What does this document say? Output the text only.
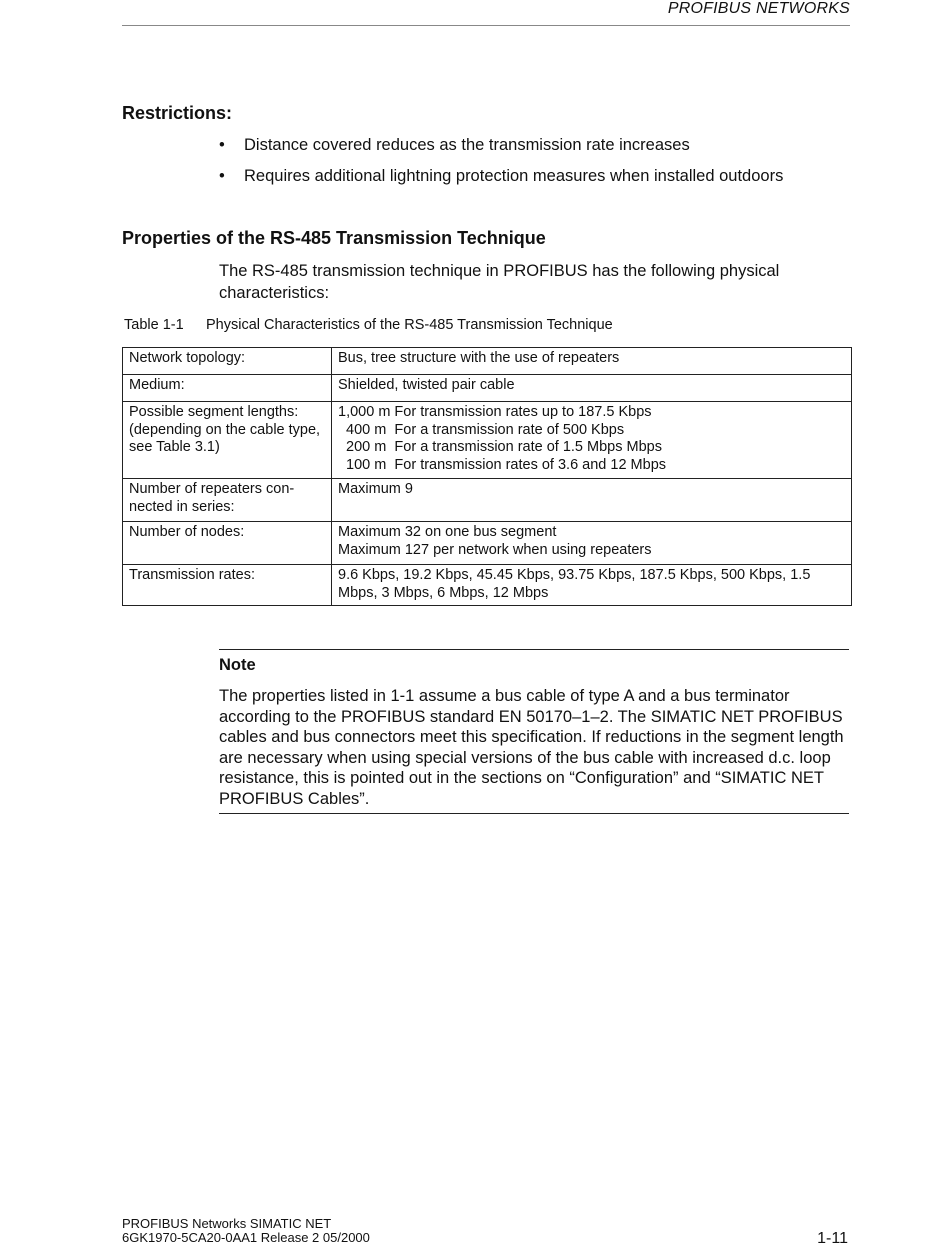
PROFIBUS NETWORKS
Restrictions:
• Distance covered reduces as the transmission rate increases
• Requires additional lightning protection measures when installed outdoors
Properties of the RS-485 Transmission Technique

The RS-485 transmission technique in PROFIBUS has the following physical characteristics:

Table 1-1 Physical Characteristics of the RS-485 Transmission Technique
Network topology:	Bus, tree structure with the use of repeaters
Medium:	Shielded, twisted pair cable
Possible segment lengths: (depending on the cable type, see Table 3.1)	1,000 m For transmission rates up to 187.5 Kbps
400 m  For a transmission rate of 500 Kbps
200 m  For a transmission rate of 1.5 Mbps Mbps
100 m  For transmission rates of 3.6 and 12 Mbps

Number of repeaters con- nected in series:	Maximum 9
Number of nodes:	Maximum 32 on one bus segment
Maximum 127 per network when using repeaters

Transmission rates:	9.6 Kbps, 19.2 Kbps, 45.45 Kbps, 93.75 Kbps, 187.5 Kbps, 500 Kbps, 1.5 Mbps, 3 Mbps, 6 Mbps, 12 Mbps
Note

The properties listed in 1-1 assume a bus cable of type A and a bus terminator according to the PROFIBUS standard EN 50170–1–2. The SIMATIC NET PROFIBUS cables and bus connectors meet this specification. If reductions in the segment length are necessary when using special versions of the bus cable with increased d.c. loop resistance, this is pointed out in the sections on “Configuration” and “SIMATIC NET PROFIBUS Cables”.

PROFIBUS Networks SIMATIC NET
6GK1970-5CA20-0AA1 Release 2 05/2000	1-11
